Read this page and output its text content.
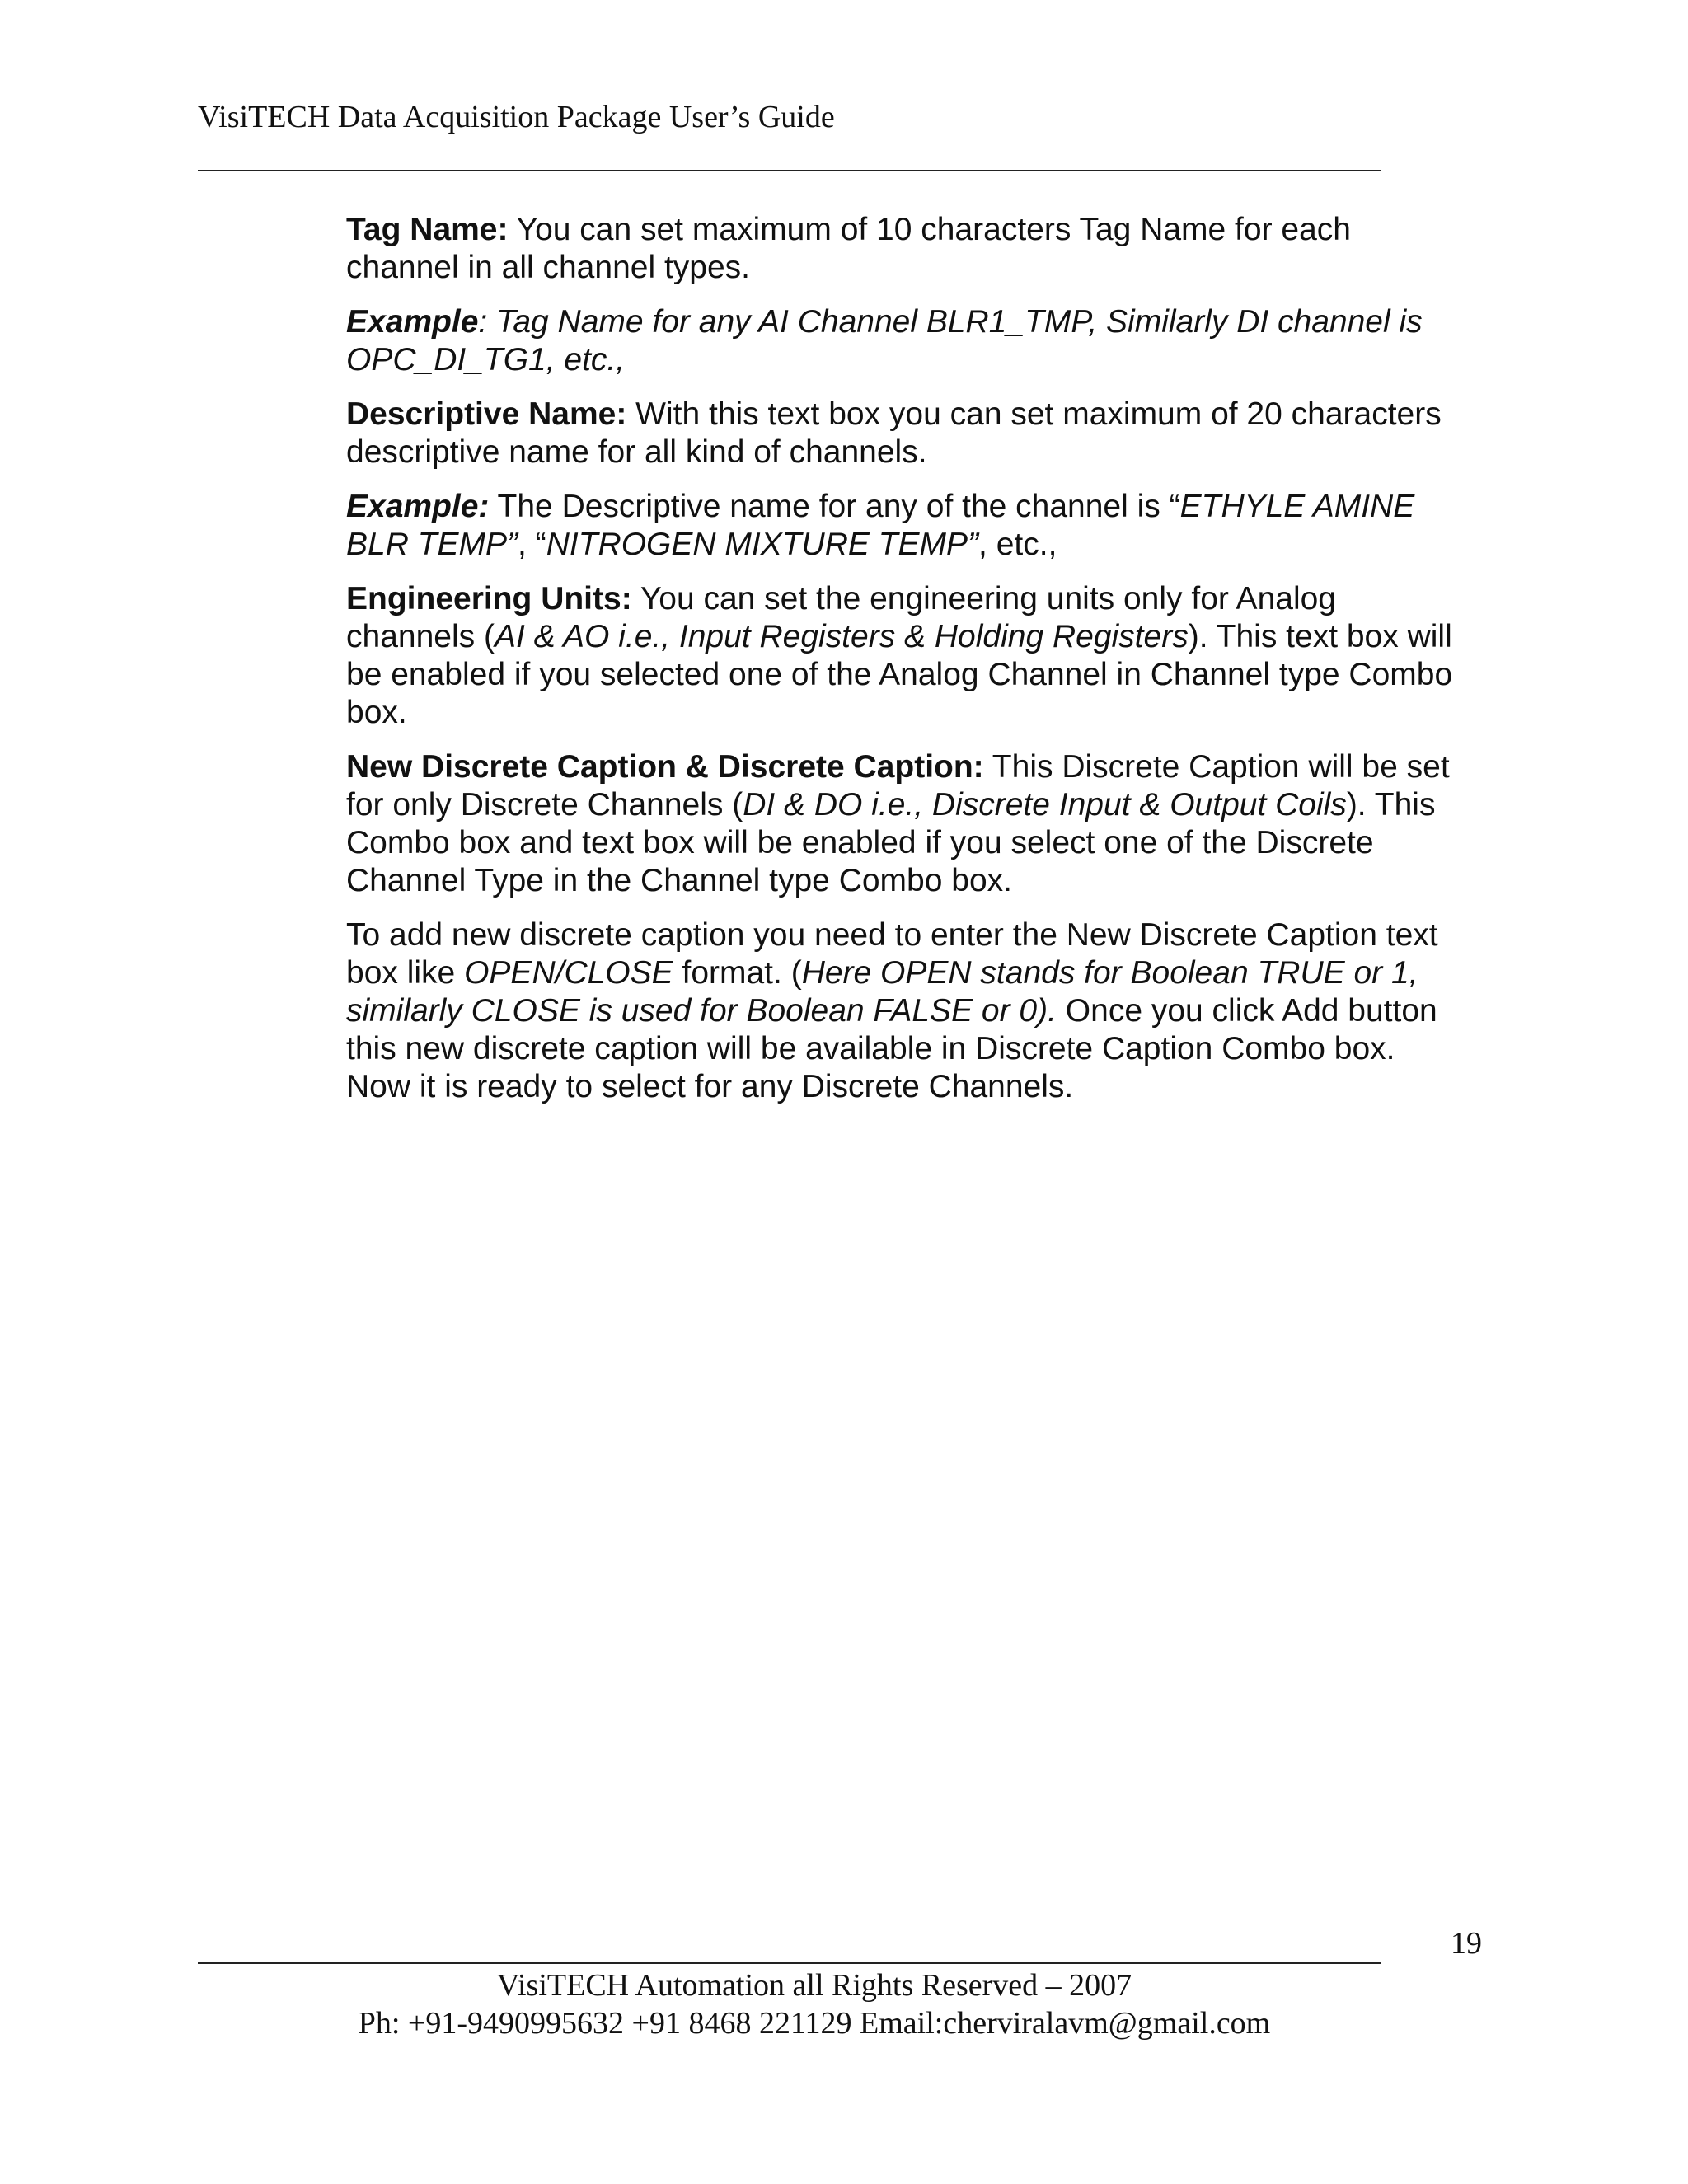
VisiTECH Data Acquisition Package User’s Guide

Tag Name: You can set maximum of 10 characters Tag Name for each
channel in all channel types.

Example: Tag Name for any AI Channel BLR1_TMP, Similarly DI channel is
OPC_DI_TG1, etc.,

Descriptive Name: With this text box you can set maximum of 20 characters
descriptive name for all kind of channels.

Example: The Descriptive name for any of the channel is “ETHYLE AMINE
BLR TEMP”, “NITROGEN MIXTURE TEMP”, etc.,

Engineering Units: You can set the engineering units only for Analog
channels (AI & AO i.e., Input Registers & Holding Registers). This text box will
be enabled if you selected one of the Analog Channel in Channel type Combo
box.

New Discrete Caption & Discrete Caption: This Discrete Caption will be set
for only Discrete Channels (DI & DO i.e., Discrete Input & Output Coils). This
Combo box and text box will be enabled if you select one of the Discrete
Channel Type in the Channel type Combo box.

To add new discrete caption you need to enter the New Discrete Caption text
box like OPEN/CLOSE format. (Here OPEN stands for Boolean TRUE or 1,
similarly CLOSE is used for Boolean FALSE or 0). Once you click Add button
this new discrete caption will be available in Discrete Caption Combo box.
Now it is ready to select for any Discrete Channels.

19
VisiTECH Automation all Rights Reserved – 2007
Ph: +91-9490995632 +91 8468 221129 Email:cherviralavm@gmail.com
